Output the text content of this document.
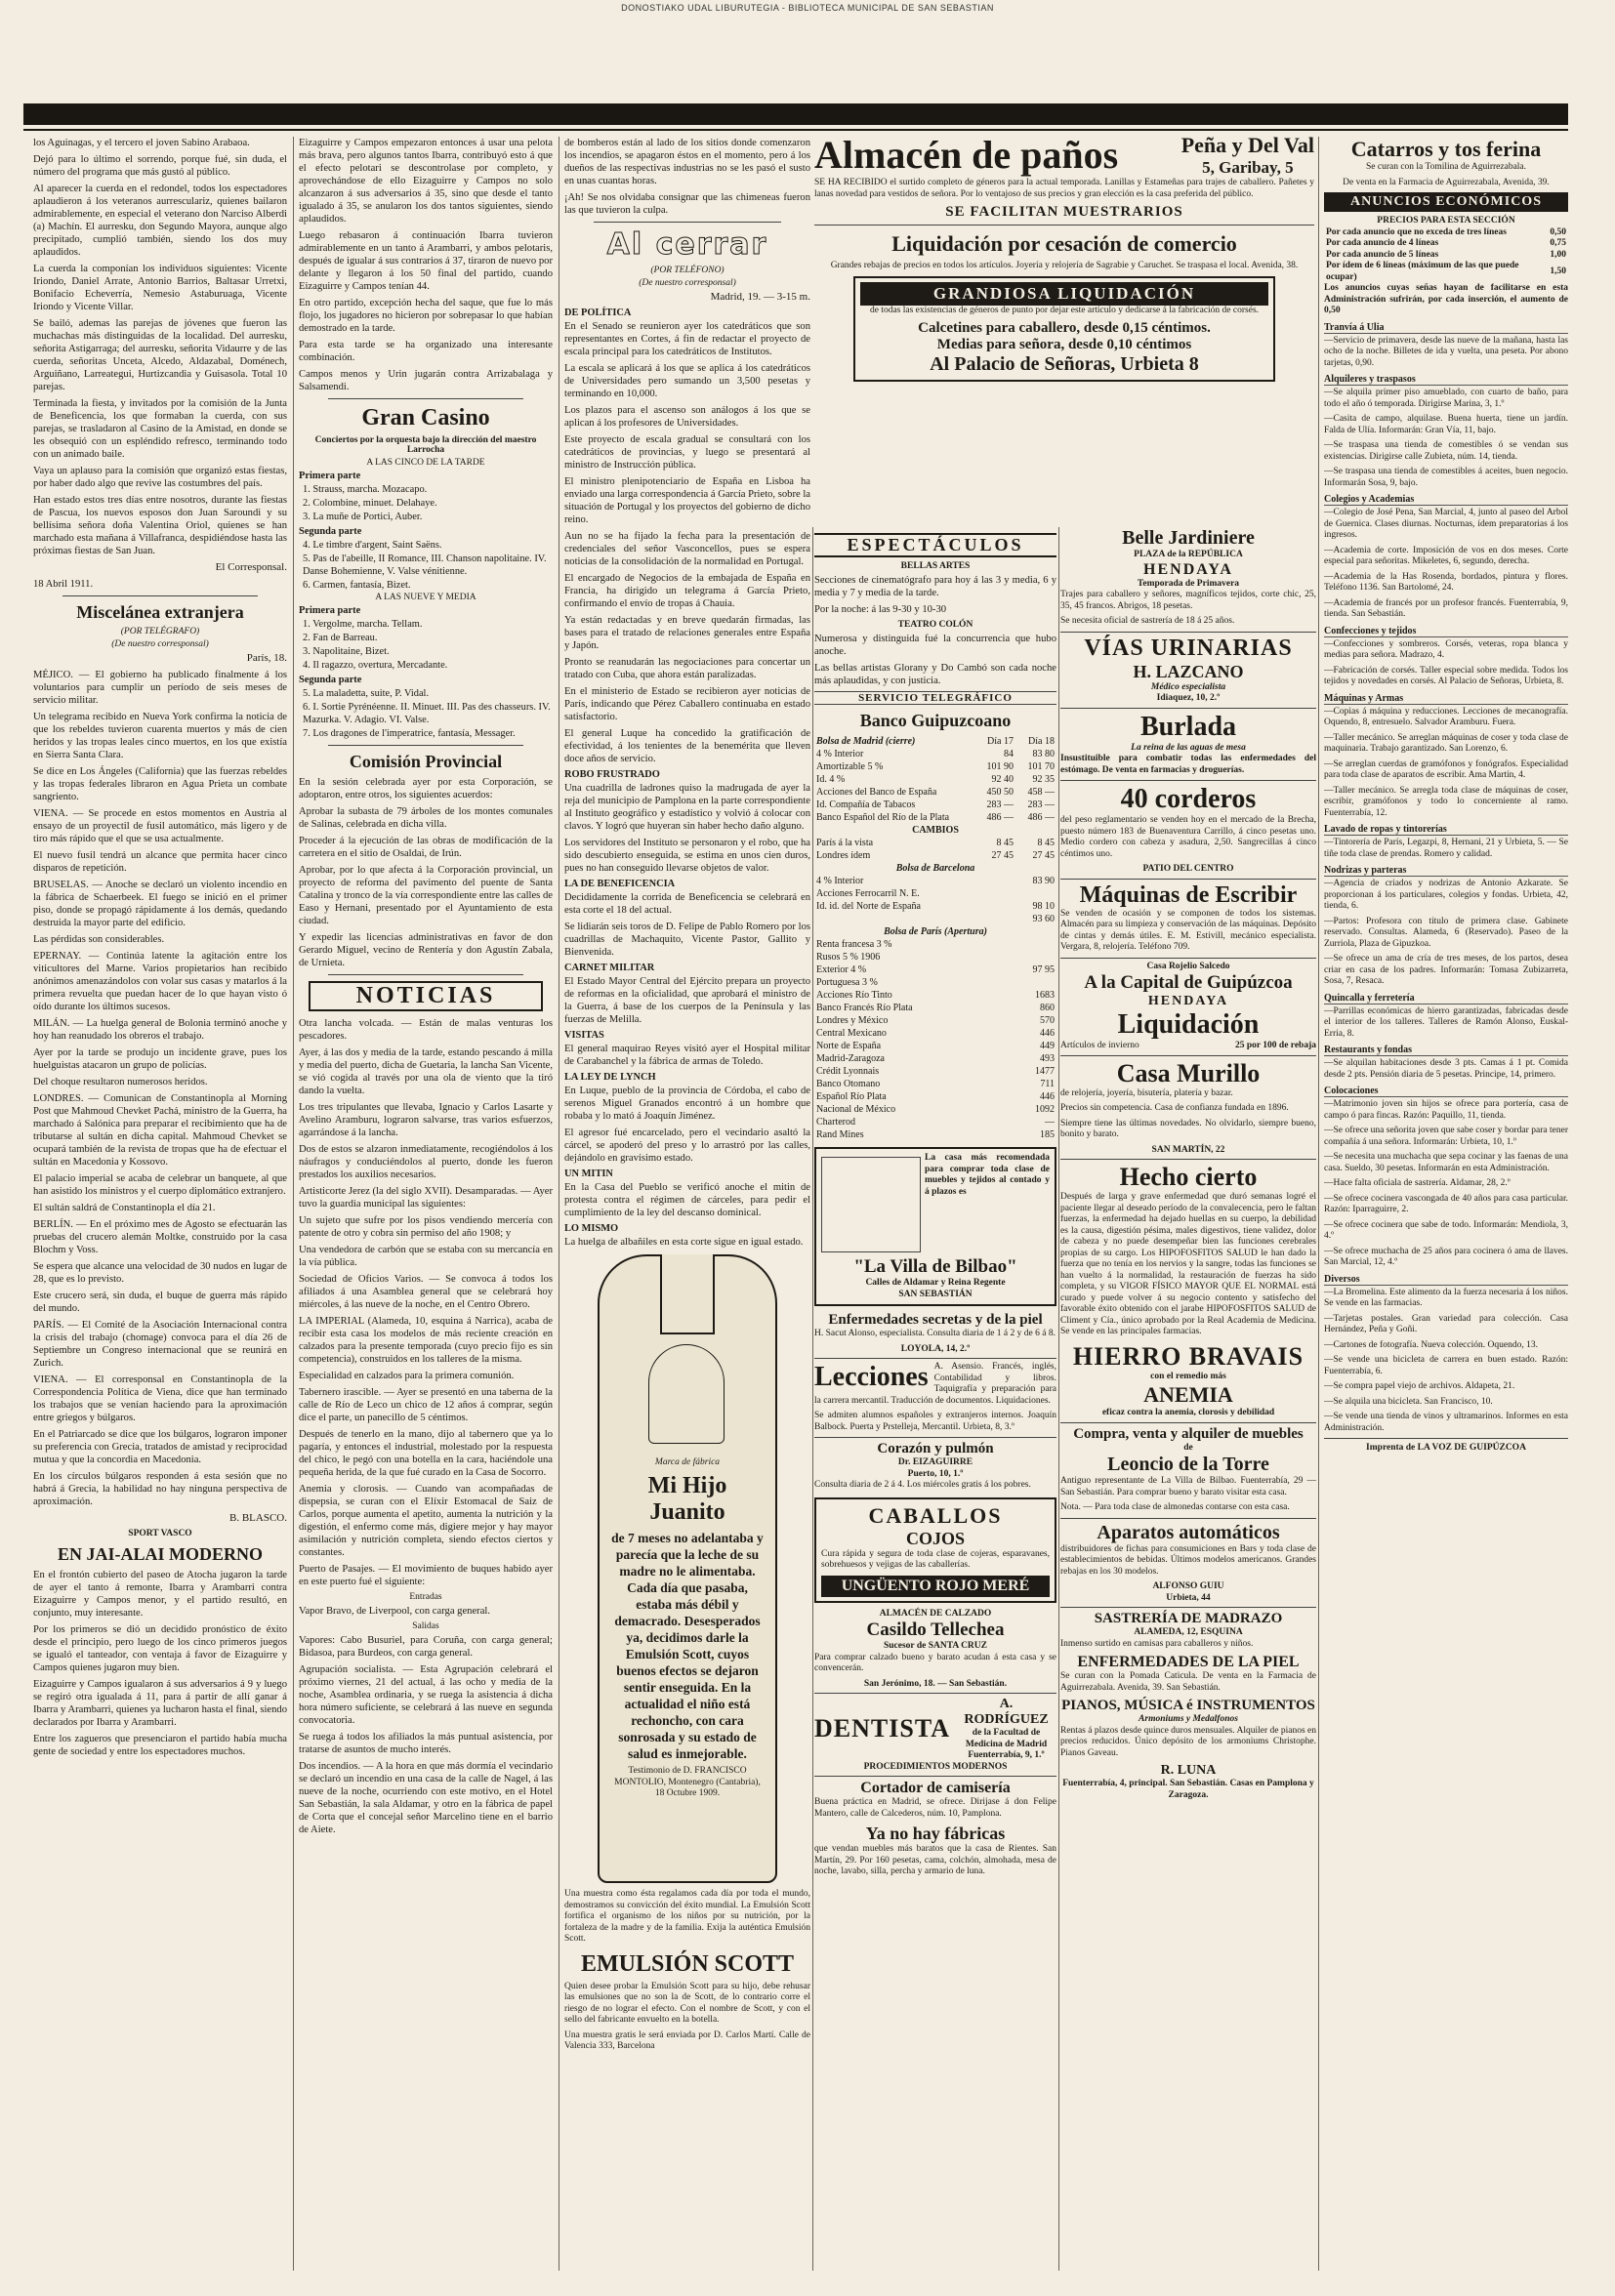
DONOSTIAKO UDAL LIBURUTEGIA - BIBLIOTECA MUNICIPAL DE SAN SEBASTIAN

los Aguinagas, y el tercero el joven Sabino Arabaoa.

Dejó para lo último el sorrendo, porque fué, sin duda, el número del programa que más gustó al público.

Al aparecer la cuerda en el redondel, todos los espectadores aplaudieron á los veteranos aurresculariz, quienes bailaron admirablemente, en especial el veterano don Narciso Alberdi (a) Machín. El aurresku, don Segundo Mayora, aunque algo precipitado, cumplió también, siendo los dos muy aplaudidos.

La cuerda la componían los individuos siguientes: Vicente Iriondo, Daniel Arrate, Antonio Barrios, Baltasar Urretxi, Bonifacio Echeverría, Nemesio Astaburuaga, Vicente Iriondo y Vicente Villar.

Se bailó, ademas las parejas de jóvenes que fueron las muchachas más distinguidas de la localidad. Del aurresku, señorita Astigarraga; del aurresku, señorita Vidaurre y de las cuerda, señoritas Unceta, Alcedo, Aldazabal, Doménech, Arguiñano, Larreategui, Hurtizcandia y Guisasola. Total 10 parejas.

Terminada la fiesta, y invitados por la comisión de la Junta de Beneficencia, los que formaban la cuerda, con sus parejas, se trasladaron al Casino de la Amistad, en donde se les obsequió con un espléndido refresco, terminando todo con un animado baile.

Vaya un aplauso para la comisión que organizó estas fiestas, por haber dado algo que revive las costumbres del país.

Han estado estos tres días entre nosotros, durante las fiestas de Pascua, los nuevos esposos don Juan Saroundi y su bellísima señora doña Valentina Oriol, quienes se han marchado esta mañana á Villafranca, despidiéndose hasta las próximas fiestas de San Juan.

El Corresponsal.

18 Abril 1911.

Miscelánea extranjera
(POR TELÉGRAFO)
(De nuestro corresponsal)
París, 18.

MÉJICO. — El gobierno ha publicado finalmente á los voluntarios para cumplir un período de seis meses de servicio militar.

Un telegrama recibido en Nueva York confirma la noticia de que los rebeldes tuvieron cuarenta muertos y más de cien heridos y las tropas leales cinco muertos, en los que existía en Sierra Santa Clara.

Se dice en Los Ángeles (California) que las fuerzas rebeldes y las tropas federales libraron en Agua Prieta un combate sangriento.

VIENA. — Se procede en estos momentos en Austria al ensayo de un proyectil de fusil automático, más ligero y de tiro más rápido que el que se usa actualmente.

El nuevo fusil tendrá un alcance que permita hacer cinco disparos de repetición.

BRUSELAS. — Anoche se declaró un violento incendio en la fábrica de Schaerbeek. El fuego se inició en el primer piso, donde se propagó rápidamente á los demás, quedando destruida la mayor parte del edificio.

Las pérdidas son considerables.

EPERNAY. — Continúa latente la agitación entre los viticultores del Marne. Varios propietarios han recibido anónimos amenazándolos con volar sus casas y matarlos á la primera revuelta que puedan hacer de lo que hayan visto ó oído durante los últimos sucesos.

MILÁN. — La huelga general de Bolonia terminó anoche y hoy han reanudado los obreros el trabajo.

Ayer por la tarde se produjo un incidente grave, pues los huelguistas atacaron un grupo de policías.

Del choque resultaron numerosos heridos.

LONDRES. — Comunican de Constantinopla al Morning Post que Mahmoud Chevket Pachá, ministro de la Guerra, ha marchado á Salónica para preparar el recibimiento que ha de tributarse al sultán en dicha capital. Mahmoud Chevket se ocupará también de la revista de tropas que ha de efectuar el sultán en Macedonia y Kossovo.

El palacio imperial se acaba de celebrar un banquete, al que han asistido los ministros y el cuerpo diplomático extranjero.

El sultán saldrá de Constantinopla el día 21.

BERLÍN. — En el próximo mes de Agosto se efectuarán las pruebas del crucero alemán Moltke, construido por la casa Blochm y Voss.

Se espera que alcance una velocidad de 30 nudos en lugar de 28, que es lo previsto.

Este crucero será, sin duda, el buque de guerra más rápido del mundo.

PARÍS. — El Comité de la Asociación Internacional contra la crisis del trabajo (chomage) convoca para el día 26 de Septiembre un Congreso internacional que se reunirá en Zurich.

VIENA. — El corresponsal en Constantinopla de la Correspondencia Política de Viena, dice que han terminado los trabajos que se venían haciendo para la aproximación entre griegos y búlgaros.

En el Patriarcado se dice que los búlgaros, lograron imponer su preferencia con Grecia, tratados de amistad y reciprocidad mutua y que la concordia en Macedonia.

En los círculos búlgaros responden á esta sesión que no habrá á Grecia, la habilidad no hay ninguna perspectiva de aproximación.

B. BLASCO.
SPORT VASCO
EN JAI-ALAI MODERNO

En el frontón cubierto del paseo de Atocha jugaron la tarde de ayer el tanto á remonte, Ibarra y Arambarri contra Eizaguirre y Campos menor, y el partido resultó, en conjunto, muy interesante.

Por los primeros se dió un decidido pronóstico de éxito desde el principio, pero luego de los cinco primeros juegos se igualó el tanteador, con ventaja á favor de Eizaguirre y Campos quienes jugaron muy bien.

Eizaguirre y Campos igualaron á sus adversarios á 9 y luego se regiró otra igualada á 11, para á partir de allí ganar á Ibarra y Arambarri, quienes ya lucharon hasta el final, siendo declarados por Ibarra y Arambarri.

Entre los zagueros que presenciaron el partido había mucha gente de sociedad y entre los espectadores muchos.

Eizaguirre y Campos empezaron entonces á usar una pelota más brava, pero algunos tantos Ibarra, contribuyó esto á que el efecto pelotari se descontrolase por completo, y aprovechándose de ello Eizaguirre y Campos no solo alcanzaron á sus adversarios á 35, sino que desde el tanto igualado á 35, se anularon los dos tantos siguientes, siendo aplaudidos.

Luego rebasaron á continuación Ibarra tuvieron admirablemente en un tanto á Arambarri, y ambos pelotaris, después de igualar á sus contrarios á 37, tiraron de nuevo por delante y llegaron á los 50 final del partido, cuando Eizaguirre y Campos tenían 44.

En otro partido, excepción hecha del saque, que fue lo más flojo, los jugadores no hicieron por sobrepasar lo que habían demostrado en la tarde.

Para esta tarde se ha organizado una interesante combinación.

Campos menos y Urin jugarán contra Arrizabalaga y Salsamendi.

Gran Casino
Conciertos por la orquesta bajo la dirección del maestro Larrocha
A LAS CINCO DE LA TARDE
Primera parte
1. Strauss, marcha. Mozacapo.
2. Colombine, minuet. Delahaye.
3. La muñe de Portici, Auber.
Segunda parte
4. Le timbre d'argent, Saint Saëns.
5. Pas de l'abeille, II Romance, III. Chanson napolitaine. IV. Danse Bohemienne, V. Valse vénitienne.
6. Carmen, fantasía, Bizet.
A LAS NUEVE Y MEDIA
Primera parte
1. Vergolme, marcha. Tellam.
2. Fan de Barreau.
3. Napolitaine, Bizet.
4. Il ragazzo, overtura, Mercadante.
Segunda parte
5. La maladetta, suite, P. Vidal.
6. I. Sortie Pyrénéenne. II. Minuet. III. Pas des chasseurs. IV. Mazurka. V. Adagio. VI. Valse.
7. Los dragones de l'imperatrice, fantasía, Messager.
Comisión Provincial

En la sesión celebrada ayer por esta Corporación, se adoptaron, entre otros, los siguientes acuerdos:

Aprobar la subasta de 79 árboles de los montes comunales de Salinas, celebrada en dicha villa.

Proceder á la ejecución de las obras de modificación de la carretera en el sitio de Osaldai, de Irún.

Aprobar, por lo que afecta á la Corporación provincial, un proyecto de reforma del pavimento del puente de Santa Catalina y tronco de la vía correspondiente entre las calles de Easo y Hernani, presentado por el Ayuntamiento de esta ciudad.

Y expedir las licencias administrativas en favor de don Gerardo Miguel, vecino de Rentería y don Agustín Zabala, de Urnieta.

NOTICIAS

Otra lancha volcada. — Están de malas venturas los pescadores.

Ayer, á las dos y media de la tarde, estando pescando á milla y media del puerto, dicha de Guetaria, la lancha San Vicente, se vió cogida al través por una ola de viento que la tiró dando la vuelta.

Los tres tripulantes que llevaba, Ignacio y Carlos Lasarte y Avelino Aramburu, lograron salvarse, tras varios esfuerzos, agarrándose á la lancha.

Dos de estos se alzaron inmediatamente, recogiéndolos á los náufragos y conduciéndolos al puerto, donde les fueron prestados los auxilios necesarios.

Artisticorte Jerez (la del siglo XVII). Desamparadas. — Ayer tuvo la guardia municipal las siguientes:

Un sujeto que sufre por los pisos vendiendo mercería con patente de otro y cobra sin permiso del año 1908; y

Una vendedora de carbón que se estaba con su mercancía en la vía pública.

Sociedad de Oficios Varios. — Se convoca á todos los afiliados á una Asamblea general que se celebrará hoy miércoles, á las nueve de la noche, en el Centro Obrero.

LA IMPERIAL (Alameda, 10, esquina á Narrica), acaba de recibir esta casa los modelos de más reciente creación en calzados para la presente temporada (cuyo precio fijo es sin competencia), construidos en los talleres de la misma.

Especialidad en calzados para la primera comunión.

Tabernero irascible. — Ayer se presentó en una taberna de la calle de Río de Leco un chico de 12 años á comprar, según dice el parte, un panecillo de 5 céntimos.

Después de tenerlo en la mano, dijo al tabernero que ya lo pagaría, y entonces el industrial, molestado por la respuesta del chico, le pegó con una botella en la cara, haciéndole una pequeña herida, de la que fué curado en la Casa de Socorro.

Anemia y clorosis. — Cuando van acompañadas de dispepsia, se curan con el Elíxir Estomacal de Saiz de Carlos, porque aumenta el apetito, aumenta la nutrición y la digestión, el enfermo come más, digiere mejor y hay mayor asimilación y nutrición completa, siendo efectos ciertos y constantes.

Puerto de Pasajes. — El movimiento de buques habido ayer en este puerto fué el siguiente:

Entradas

Vapor Bravo, de Liverpool, con carga general.

Salidas

Vapores: Cabo Busuriel, para Coruña, con carga general; Bidasoa, para Burdeos, con carga general.

Agrupación socialista. — Esta Agrupación celebrará el próximo viernes, 21 del actual, á las ocho y media de la noche, Asamblea ordinaria, y se ruega la asistencia á dicha hora número suficiente, se celebrará á las nueve en segunda convocatoria.

Se ruega á todos los afiliados la más puntual asistencia, por tratarse de asuntos de mucho interés.

Dos incendios. — A la hora en que más dormía el vecindario se declaró un incendio en una casa de la calle de Nagel, á las nueve de la noche, ocurriendo con este motivo, en el Hotel San Sebastián, la sala Aldamar, y otro en la fábrica de papel de Corta que el concejal señor Marcelino tiene en el barrio de Aiete.

de bomberos están al lado de los sitios donde comenzaron los incendios, se apagaron éstos en el momento, pero á los dueños de las respectivas industrias no se les pasó el susto en unas cuantas horas.

¡Ah! Se nos olvidaba consignar que las chimeneas fueron las que tuvieron la culpa.

Al cerrar
(POR TELÉFONO)
(De nuestro corresponsal)
Madrid, 19. — 3-15 m.
DE POLÍTICA

En el Senado se reunieron ayer los catedráticos que son representantes en Cortes, á fin de redactar el proyecto de escala principal para los catedráticos de Institutos.

La escala se aplicará á los que se aplica á los catedráticos de Universidades pero sumando un 3,500 pesetas y terminando en 10,000.

Los plazos para el ascenso son análogos á los que se aplican á los profesores de Universidades.

Este proyecto de escala gradual se consultará con los catedráticos de provincias, y luego se presentará al ministro de Instrucción pública.

El ministro plenipotenciario de España en Lisboa ha enviado una larga correspondencia á García Prieto, sobre la situación de Portugal y los proyectos del gobierno de dicho reino.

Aun no se ha fijado la fecha para la presentación de credenciales del señor Vasconcellos, pues se espera noticias de la consolidación de la normalidad en Portugal.

El encargado de Negocios de la embajada de España en Francia, ha dirigido un telegrama á García Prieto, confirmando el envío de tropas á Chauia.

Ya están redactadas y en breve quedarán firmadas, las bases para el tratado de relaciones generales entre España y Japón.

Pronto se reanudarán las negociaciones para concertar un tratado con Cuba, que ahora están paralizadas.

En el ministerio de Estado se recibieron ayer noticias de París, indicando que Pérez Caballero continuaba en estado satisfactorio.

El general Luque ha concedido la gratificación de efectividad, á los tenientes de la benemérita que lleven doce años de servicio.

ROBO FRUSTRADO

Una cuadrilla de ladrones quiso la madrugada de ayer la reja del municipio de Pamplona en la parte correspondiente al Instituto geográfico y estadístico y volvió á colocar con clavos. Y logró que huyeran sin haber hecho daño alguno.

Los servidores del Instituto se personaron y el robo, que ha sido descubierto enseguida, se estima en unos cien duros, pues no han conseguido llevarse objetos de valor.

LA DE BENEFICENCIA

Decididamente la corrida de Beneficencia se celebrará en esta corte el 18 del actual.

Se lidiarán seis toros de D. Felipe de Pablo Romero por los cuadrillas de Machaquito, Vicente Pastor, Gallito y Bienvenida.

CARNET MILITAR

El Estado Mayor Central del Ejército prepara un proyecto de reformas en la oficialidad, que aprobará el ministro de la Guerra, á base de los cuerpos de la Península y las fuerzas de Melilla.

VISITAS

El general maquirao Reyes visitó ayer el Hospital militar de Carabanchel y la fábrica de armas de Toledo.

LA LEY DE LYNCH

En Luque, pueblo de la provincia de Córdoba, el cabo de serenos Miguel Granados encontró á un hombre que robaba y lo mató á Joaquín Jiménez.

El agresor fué encarcelado, pero el vecindario asaltó la cárcel, se apoderó del preso y lo arrastró por las calles, dejándolo en gravísimo estado.

UN MITIN

En la Casa del Pueblo se verificó anoche el mitin de protesta contra el régimen de cárceles, para pedir el cumplimiento de la ley del descanso dominical.

LO MISMO

La huelga de albañiles en esta corte sigue en igual estado.

Marca de fábrica
Mi Hijo Juanito

de 7 meses no adelantaba y parecía que la leche de su madre no le alimentaba. Cada día que pasaba, estaba más débil y demacrado. Desesperados ya, decidimos darle la Emulsión Scott, cuyos buenos efectos se dejaron sentir enseguida. En la actualidad el niño está rechoncho, con cara sonrosada y su estado de salud es inmejorable.

Testimonio de D. FRANCISCO MONTOLIO, Montenegro (Cantabria), 18 Octubre 1909.

Una muestra como ésta regalamos cada día por toda el mundo, demostramos su convicción del éxito mundial. La Emulsión Scott fortifica el organismo de los niños por su nutrición, por la fortaleza de la madre y de la familia. Exija la auténtica Emulsión Scott.

EMULSIÓN SCOTT

Quien desee probar la Emulsión Scott para su hijo, debe rehusar las emulsiones que no son la de Scott, de lo contrario corre el riesgo de no lograr el efecto. Con el nombre de Scott, y con el sello del fabricante envuelto en la botella.

Una muestra gratis le será enviada por D. Carlos Martí. Calle de Valencia 333, Barcelona

Almacén de paños	Peña y Del Val
5, Garibay, 5

SE HA RECIBIDO el surtido completo de géneros para la actual temporada. Lanillas y Estameñas para trajes de caballero. Pañetes y lanas novedad para vestidos de señora. Por lo ventajoso de sus precios y gran elección es la casa preferida del público.

SE FACILITAN MUESTRARIOS
Liquidación por cesación de comercio

Grandes rebajas de precios en todos los artículos. Joyería y relojería de Sagrabie y Caruchet. Se traspasa el local. Avenida, 38.

GRANDIOSA LIQUIDACIÓN

de todas las existencias de géneros de punto por dejar este artículo y dedicarse á la fabricación de corsés.

Calcetines para caballero, desde 0,15 céntimos.
Medias para señora, desde 0,10 céntimos
Al Palacio de Señoras, Urbieta 8
ESPECTÁCULOS
BELLAS ARTES

Secciones de cinematógrafo para hoy á las 3 y media, 6 y media y 7 y media de la tarde.

Por la noche: á las 9-30 y 10-30

TEATRO COLÓN

Numerosa y distinguida fué la concurrencia que hubo anoche.

Las bellas artistas Glorany y Do Cambó son cada noche más aplaudidas, y con justicia.

SERVICIO TELEGRÁFICO
Banco Guipuzcoano
Bolsa de Madrid (cierre)	Día 17	Día 18
4 % Interior	84	83 80
Amortizable 5 %	101 90	101 70
Id. 4 %	92 40	92 35
Acciones del Banco de España	450 50	458 —
Id. Compañía de Tabacos	283 —	283 —
Banco Español del Río de la Plata	486 —	486 —
CAMBIOS		
París á la vista	8 45	8 45
Londres ídem	27 45	27 45
Bolsa de Barcelona		
4 % Interior		83 90
Acciones Ferrocarril N. E.		
Id. id. del Norte de España		98 10
		93 60
Bolsa de París (Apertura)		
Renta francesa 3 %		
Rusos 5 % 1906		
Exterior 4 %		97 95
Portuguesa 3 %		
Acciones Río Tinto		1683
Banco Francés Río Plata		860
Londres y México		570
Central Mexicano		446
Norte de España		449
Madrid-Zaragoza		493
Crédit Lyonnais		1477
Banco Otomano		711
Español Río Plata		446
Nacional de México		1092
Charterod		—
Rand Mines		185

La casa más recomendada para comprar toda clase de muebles y tejidos al contado y á plazos es

"La Villa de Bilbao"
Calles de Aldamar y Reina Regente
SAN SEBASTIÁN
Enfermedades secretas y de la piel

H. Sacut Alonso, especialista. Consulta diaria de 1 á 2 y de 6 á 8.

LOYOLA, 14, 2.º
Lecciones A. Asensio. Francés, inglés, Contabilidad y libros. Taquigrafía y preparación para la carrera mercantil. Traducción de documentos. Liquidaciones.

Se admiten alumnos españoles y extranjeros internos. Joaquín Balbock. Puerta y Prstelleja, Mercantil. Urbieta, 8, 3.º

Corazón y pulmón
Dr. EIZAGUIRRE
Puerto, 10, 1.º

Consulta diaria de 2 á 4. Los miércoles gratis á los pobres.

CABALLOS
COJOS

Cura rápida y segura de toda clase de cojeras, esparavanes, sobrehuesos y vejigas de las caballerías.

UNGÜENTO ROJO MERÉ
ALMACÉN DE CALZADO
Casildo Tellechea
Sucesor de SANTA CRUZ

Para comprar calzado bueno y barato acudan á esta casa y se convencerán.

San Jerónimo, 18. — San Sebastián.
DENTISTA
A. RODRÍGUEZ
de la Facultad de Medicina de Madrid
Fuenterrabía, 9, 1.º
PROCEDIMIENTOS MODERNOS
Cortador de camisería

Buena práctica en Madrid, se ofrece. Dirijase á don Felipe Mantero, calle de Calcederos, núm. 10, Pamplona.

Ya no hay fábricas

que vendan muebles más baratos que la casa de Rientes. San Martín, 29. Por 160 pesetas, cama, colchón, almohada, mesa de noche, lavabo, silla, percha y armario de luna.

Belle Jardiniere
PLAZA de la REPÚBLICA
HENDAYA
Temporada de Primavera

Trajes para caballero y señores, magníficos tejidos, corte chic, 25, 35, 45 francos. Abrigos, 18 pesetas.

Se necesita oficial de sastrería de 18 á 25 años.

VÍAS URINARIAS
H. LAZCANO
Médico especialista
Idiaquez, 10, 2.º
Burlada
La reina de las aguas de mesa

Insustituible para combatir todas las enfermedades del estómago. De venta en farmacias y droguerías.

40 corderos

del peso reglamentario se venden hoy en el mercado de la Brecha, puesto número 183 de Buenaventura Carrillo, á cinco pesetas uno. Medio cordero con cabeza y asadura, 2,50. Sangrecillas á cinco céntimos uno.

PATIO DEL CENTRO
Máquinas de Escribir

Se venden de ocasión y se componen de todos los sistemas. Almacén para su limpieza y conservación de las máquinas. Depósito de cintas y demás útiles. E. M. Estivill, mecánico especialista. Vergara, 8, relojería. Teléfono 709.

Casa Rojelio Salcedo
A la Capital de Guipúzcoa
HENDAYA
Liquidación
Artículos de invierno	25 por 100 de rebaja
Casa Murillo

de relojería, joyería, bisutería, platería y bazar.

Precios sin competencia. Casa de confianza fundada en 1896.

Siempre tiene las últimas novedades. No olvidarlo, siempre bueno, bonito y barato.

SAN MARTÍN, 22
Hecho cierto

Después de larga y grave enfermedad que duró semanas logré el paciente llegar al deseado período de la convalecencia, pero le faltan fuerzas, la enfermedad ha dejado huellas en su cuerpo, la debilidad es la causa, digestión pésima, males digestivos, tiene validez, dolor de cabeza y no puede desempeñar bien las funciones cerebrales propias de su cargo. Los HIPOFOSFITOS SALUD le han dado la fuerza que no tenía en los nervios y la sangre, todas las funciones se han vuelto á la normalidad, la restauración de fuerzas ha sido completa, y su VIGOR FÍSICO MAYOR QUE EL NORMAL está curado y puede volver á su negocio contento y satisfecho del favorable éxito obtenido con el jarabe HIPOFOSFITOS SALUD de Climent y Cía., único aprobado por la Real Academia de Medicina. Se vende en las principales farmacias.

HIERRO BRAVAIS
con el remedio más
ANEMIA
eficaz contra la anemia, clorosis y debilidad
Compra, venta y alquiler de muebles
de
Leoncio de la Torre

Antiguo representante de La Villa de Bilbao. Fuenterrabía, 29 — San Sebastián. Para comprar bueno y barato visitar esta casa.

Nota. — Para toda clase de almonedas contarse con esta casa.

Aparatos automáticos

distribuidores de fichas para consumiciones en Bars y toda clase de establecimientos de bebidas. Últimos modelos americanos. Grandes rebajas en los 30 modelos.

ALFONSO GUIU
Urbieta, 44
SASTRERÍA DE MADRAZO
ALAMEDA, 12, ESQUINA

Inmenso surtido en camisas para caballeros y niños.

ENFERMEDADES DE LA PIEL

Se curan con la Pomada Caticula. De venta en la Farmacia de Aguirrezabala. Avenida, 39. San Sebastián.

PIANOS, MÚSICA é INSTRUMENTOS
Armoniums y Medalfonos

Rentas á plazos desde quince duros mensuales. Alquiler de pianos en precios reducidos. Único depósito de los armoniums Christophe. Pianos Gaveau.

R. LUNA
Fuenterrabía, 4, principal. San Sebastián. Casas en Pamplona y Zaragoza.
Catarros y tos ferina

Se curan con la Tomilina de Aguirrezabala.

De venta en la Farmacia de Aguirrezabala, Avenida, 39.

ANUNCIOS ECONÓMICOS
PRECIOS PARA ESTA SECCIÓN
Por cada anuncio que no exceda de tres líneas	0,50
Por cada anuncio de 4 líneas	0,75
Por cada anuncio de 5 líneas	1,00
Por ídem de 6 líneas (máximum de las que puede ocupar)	1,50

Los anuncios cuyas señas hayan de facilitarse en esta Administración sufrirán, por cada inserción, el aumento de 0,50

Tranvía á Ulia

—Servicio de primavera, desde las nueve de la mañana, hasta las ocho de la noche. Billetes de ida y vuelta, una peseta. Por abono tarjetas, 0,90.

Alquileres y traspasos

—Se alquila primer piso amueblado, con cuarto de baño, para todo el año ó temporada. Dirigirse Marina, 3, 1.º

—Casita de campo, alquilase. Buena huerta, tiene un jardín. Falda de Ulía. Informarán: Gran Vía, 11, bajo.

—Se traspasa una tienda de comestibles ó se vendan sus existencias. Dirigirse calle Zubieta, núm. 14, tienda.

—Se traspasa una tienda de comestibles á aceites, buen negocio. Informarán Sosa, 9, bajo.

Colegios y Academias

—Colegio de José Pena, San Marcial, 4, junto al paseo del Arbol de Guernica. Clases diurnas. Nocturnas, ídem preparatorias á los ingresos.

—Academia de corte. Imposición de vos en dos meses. Corte especial para señoritas. Mikeletes, 6, segundo, derecha.

—Academia de la Has Rosenda, bordados, pintura y flores. Teléfono 1136. San Bartolomé, 24.

—Academia de francés por un profesor francés. Fuenterrabía, 9, tienda. San Sebastián.

Confecciones y tejidos

—Confecciones y sombreros. Corsés, veteras, ropa blanca y medias para señora. Madrazo, 4.

—Fabricación de corsés. Taller especial sobre medida. Todos los tejidos y novedades en corsés. Al Palacio de Señoras, Urbieta, 8.

Máquinas y Armas

—Copias á máquina y reducciones. Lecciones de mecanografía. Oquendo, 8, entresuelo. Salvador Aramburu. Fuera.

—Taller mecánico. Se arreglan máquinas de coser y toda clase de maquinaria. Trabajo garantizado. San Lorenzo, 6.

—Se arreglan cuerdas de gramófonos y fonógrafos. Especialidad para toda clase de aparatos de escribir. Ama Martín, 4.

—Taller mecánico. Se arregla toda clase de máquinas de coser, escribir, gramófonos y todo lo concerniente al ramo. Fuenterrabía, 12.

Lavado de ropas y tintorerías

—Tintorería de París, Legazpi, 8, Hernani, 21 y Urbieta, 5. — Se tiñe toda clase de prendas. Romero y calidad.

Nodrizas y parteras

—Agencia de criados y nodrizas de Antonio Azkarate. Se proporcionan á los particulares, colegios y fondas. Urbieta, 42, tienda, 6.

—Partos: Profesora con título de primera clase. Gabinete reservado. Consultas. Alameda, 6 (Reservado). Paseo de la Zurriola, Plaza de Gipuzkoa.

—Se ofrece un ama de cría de tres meses, de los partos, desea criar en casa de los padres. Informarán: Tomasa Zubizarreta, Sosa, 7, Resaca.

Quincalla y ferretería

—Parrillas económicas de hierro garantizadas, fabricadas desde el interior de los talleres. Talleres de Ramón Alonso, Euskal-Erria, 8.

Restaurants y fondas

—Se alquilan habitaciones desde 3 pts. Camas á 1 pt. Comida desde 2 pts. Pensión diaria de 5 pesetas. Principe, 14, primero.

Colocaciones

—Matrimonio joven sin hijos se ofrece para portería, casa de campo ó para fincas. Razón: Paquillo, 11, tienda.

—Se ofrece una señorita joven que sabe coser y bordar para tener compañía á una señora. Informarán: Urbieta, 10, 1.º

—Se necesita una muchacha que sepa cocinar y las faenas de una casa. Sueldo, 30 pesetas. Informarán en esta Administración.

—Hace falta oficiala de sastrería. Aldamar, 28, 2.º

—Se ofrece cocinera vascongada de 40 años para casa particular. Razón: Iparraguirre, 2.

—Se ofrece cocinera que sabe de todo. Informarán: Mendiola, 3, 4.º

—Se ofrece muchacha de 25 años para cocinera ó ama de llaves. San Marcial, 12, 4.º

Diversos

—La Bromelina. Este alimento da la fuerza necesaria á los niños. Se vende en las farmacias.

—Tarjetas postales. Gran variedad para colección. Casa Hernández, Peña y Goñi.

—Cartones de fotografía. Nueva colección. Oquendo, 13.

—Se vende una bicicleta de carrera en buen estado. Razón: Fuenterrabía, 6.

—Se compra papel viejo de archivos. Aldapeta, 21.

—Se alquila una bicicleta. San Francisco, 10.

—Se vende una tienda de vinos y ultramarinos. Informes en esta Administración.

Imprenta de LA VOZ DE GUIPÚZCOA
